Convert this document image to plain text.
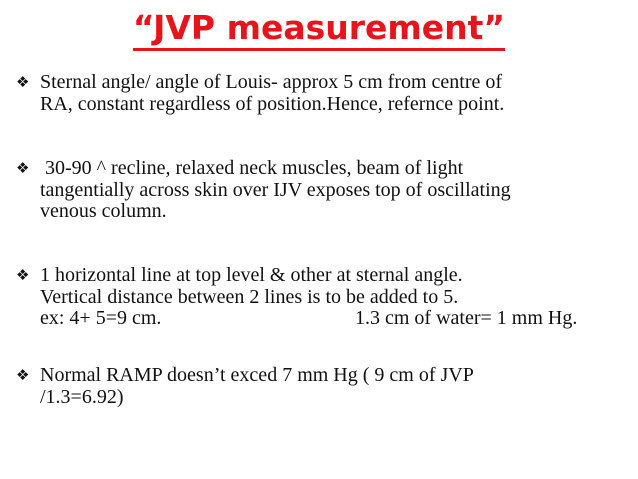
“JVP measurement”
❖ Sternal angle/ angle of Louis- approx 5 cm from centre of
RA, constant regardless of position.Hence, refernce point.
❖ 30-90 ^ recline, relaxed neck muscles, beam of light
tangentially across skin over IJV exposes top of oscillating
venous column.
❖ 1 horizontal line at top level & other at sternal angle.
Vertical distance between 2 lines is to be added to 5.
ex: 4+ 5=9 cm.	1.3 cm of water= 1 mm Hg.
❖ Normal RAMP doesn’t exced 7 mm Hg ( 9 cm of JVP
/1.3=6.92)
